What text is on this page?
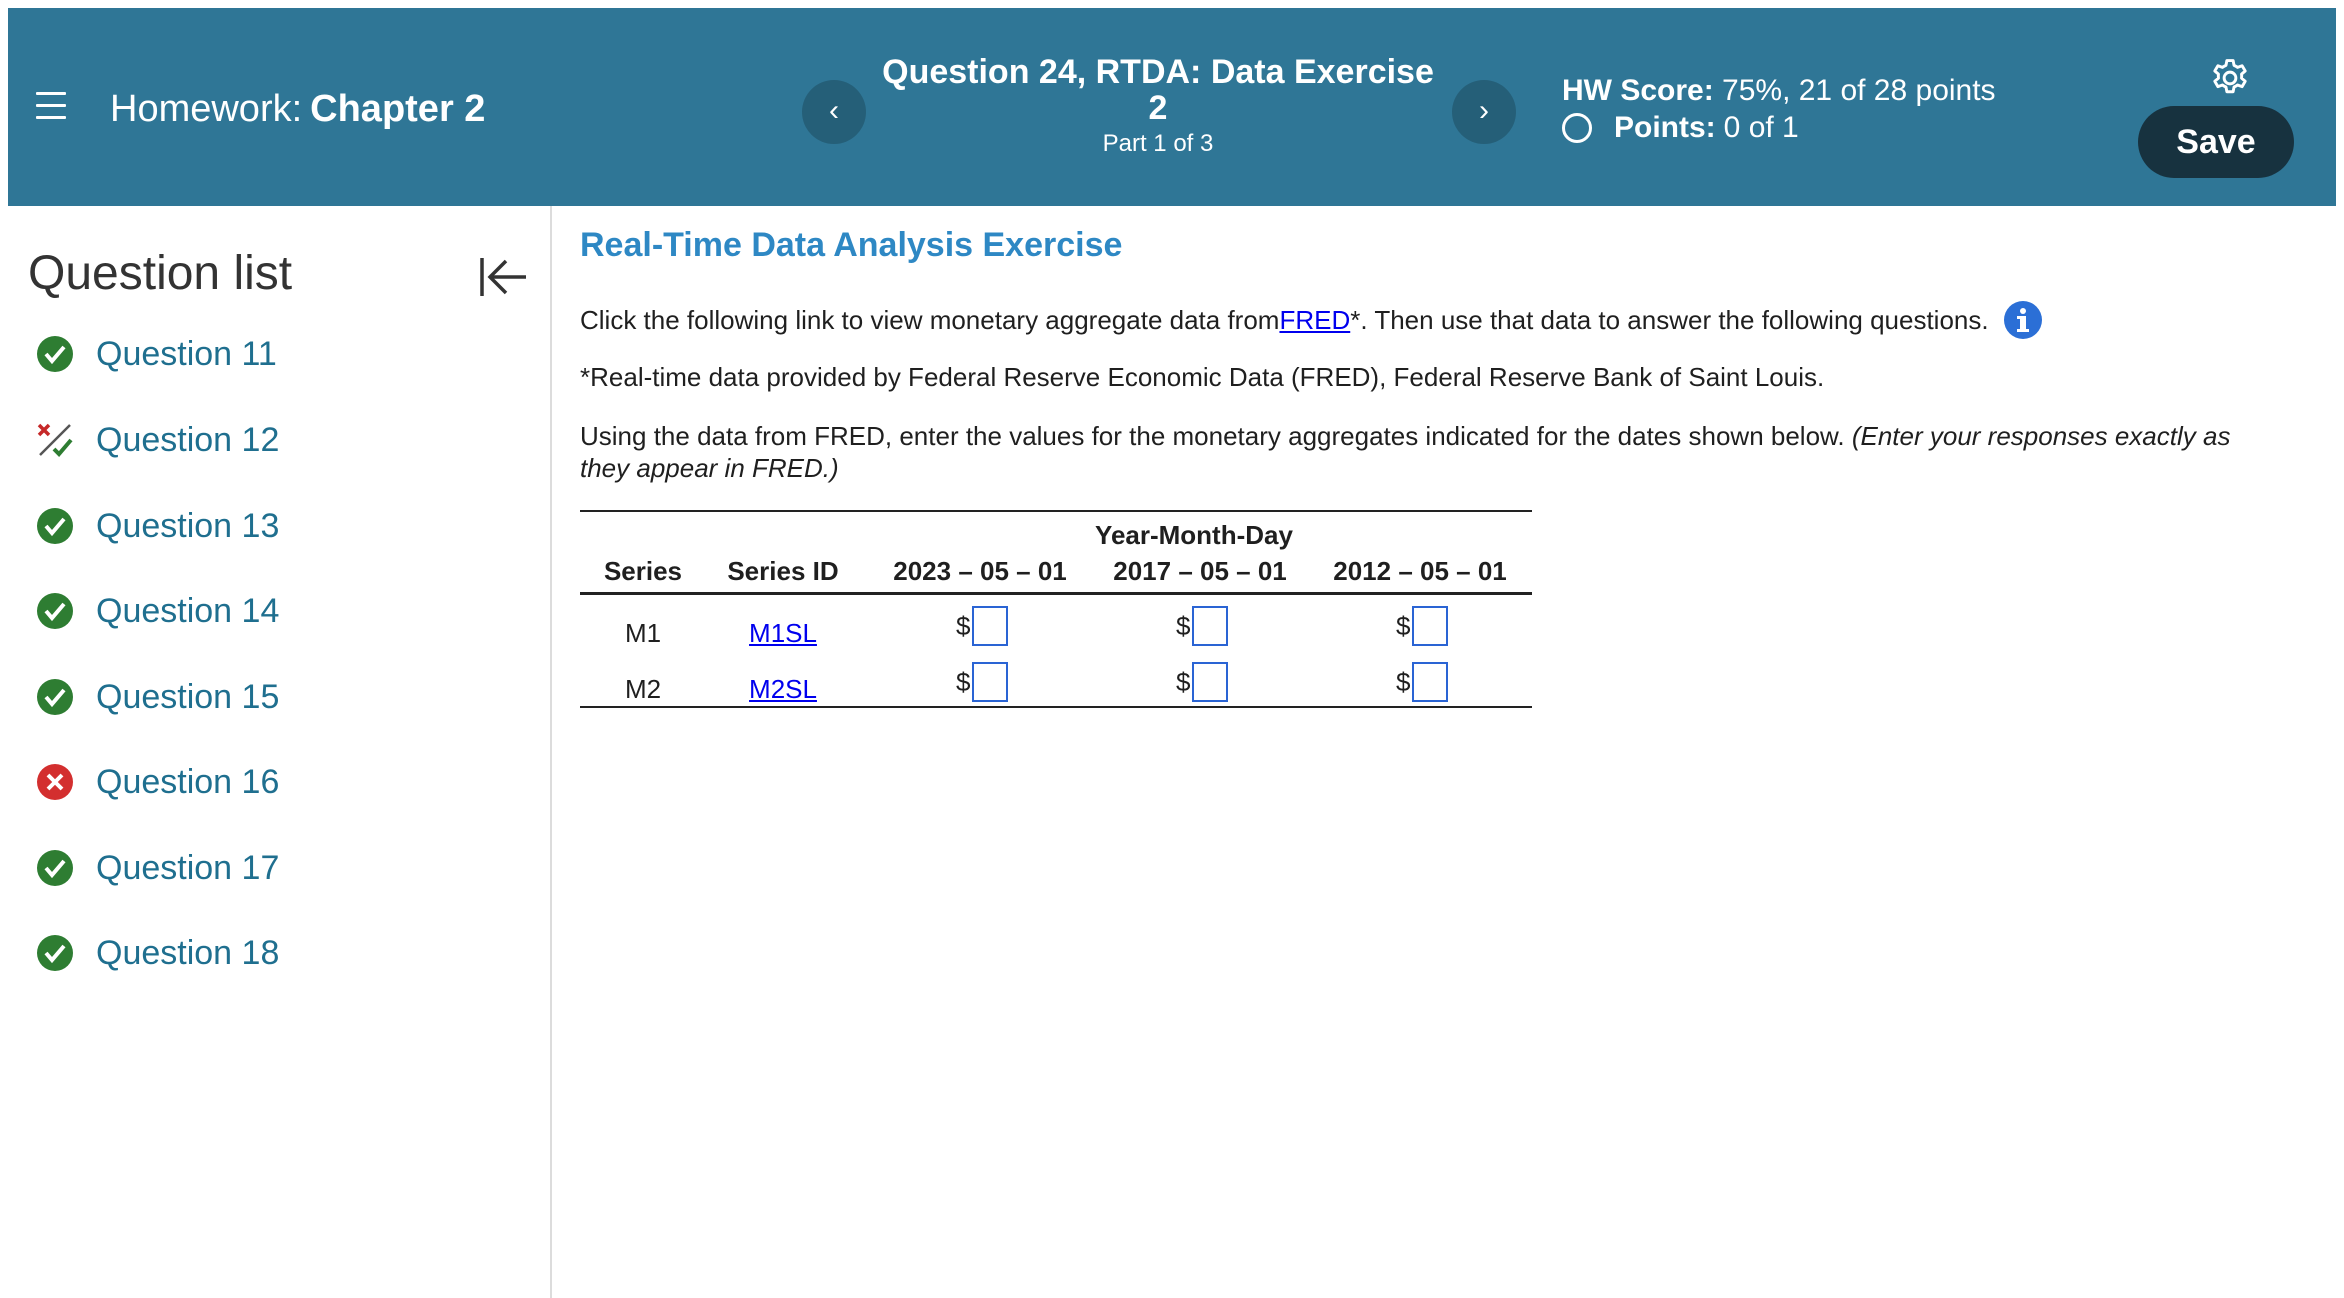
Homework: Chapter 2	‹
Question 24, RTDA: Data Exercise 2
Part 1 of 3
›
HW Score: 75%, 21 of 28 points
Points: 0 of 1	Save
Question list
Question 11
Question 12
Question 13
Question 14
Question 15
Question 16
Question 17
Question 18
Real-Time Data Analysis Exercise
Click the following link to view monetary aggregate data from FRED *. Then use that data to answer the following questions.
*Real-time data provided by Federal Reserve Economic Data (FRED), Federal Reserve Bank of Saint Louis.
Using the data from FRED, enter the values for the monetary aggregates indicated for the dates shown below. (Enter your responses exactly as they appear in FRED.)
Year-Month-Day
Series	Series ID	2023 – 05 – 01	2017 – 05 – 01	2012 – 05 – 01
M1	M1SL	$	$	$
M2	M2SL	$	$	$
